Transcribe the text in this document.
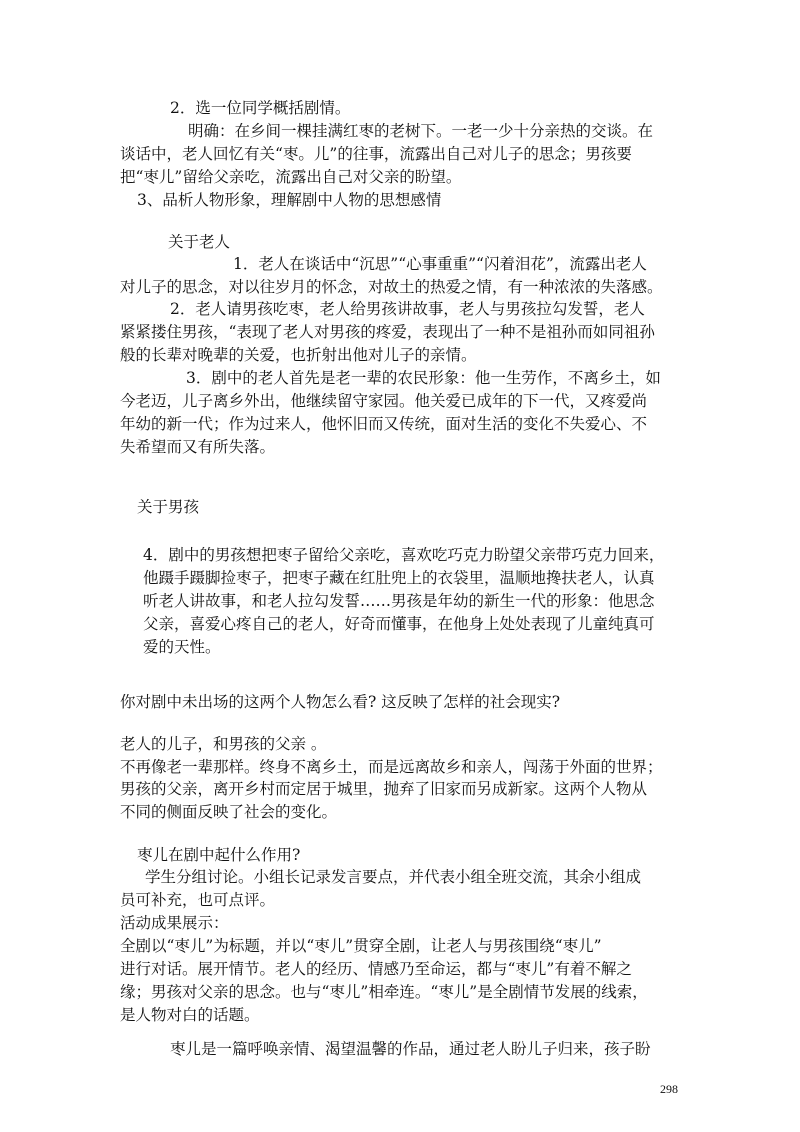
2．选一位同学概括剧情。
明确：在乡间一棵挂满红枣的老树下。一老一少十分亲热的交谈。在
谈话中，老人回忆有关“枣。儿”的往事，流露出自己对儿子的思念；男孩要
把“枣儿”留给父亲吃，流露出自己对父亲的盼望。
3、品析人物形象，理解剧中人物的思想感情
关于老人
1．老人在谈话中“沉思”“心事重重”“闪着泪花”，流露出老人
对儿子的思念，对以往岁月的怀念，对故土的热爱之情，有一种浓浓的失落感。
2．老人请男孩吃枣，老人给男孩讲故事，老人与男孩拉勾发誓，老人
紧紧搂住男孩，“表现了老人对男孩的疼爱，表现出了一种不是祖孙而如同祖孙
般的长辈对晚辈的关爱，也折射出他对儿子的亲情。
3．剧中的老人首先是老一辈的农民形象：他一生劳作，不离乡土，如
今老迈，儿子离乡外出，他继续留守家园。他关爱已成年的下一代，又疼爱尚
年幼的新一代；作为过来人，他怀旧而又传统，面对生活的变化不失爱心、不
失希望而又有所失落。
关于男孩
4．剧中的男孩想把枣子留给父亲吃，喜欢吃巧克力盼望父亲带巧克力回来，
他蹑手蹑脚捡枣子，把枣子藏在红肚兜上的衣袋里，温顺地搀扶老人，认真
听老人讲故事，和老人拉勾发誓……男孩是年幼的新生一代的形象：他思念
父亲，喜爱心疼自己的老人，好奇而懂事，在他身上处处表现了儿童纯真可
爱的天性。
你对剧中未出场的这两个人物怎么看? 这反映了怎样的社会现实?
老人的儿子，和男孩的父亲 。
不再像老一辈那样。终身不离乡土，而是远离故乡和亲人，闯荡于外面的世界；
男孩的父亲，离开乡村而定居于城里，抛弃了旧家而另成新家。这两个人物从
不同的侧面反映了社会的变化。
枣儿在剧中起什么作用?
学生分组讨论。小组长记录发言要点，并代表小组全班交流，其余小组成
员可补充，也可点评。
活动成果展示：
全剧以“枣儿”为标题，并以“枣儿”贯穿全剧，让老人与男孩围绕“枣儿”
进行对话。展开情节。老人的经历、情感乃至命运，都与“枣儿”有着不解之
缘；男孩对父亲的思念。也与“枣儿”相牵连。“枣儿”是全剧情节发展的线索，
是人物对白的话题。
枣儿是一篇呼唤亲情、渴望温馨的作品，通过老人盼儿子归来，孩子盼
298
